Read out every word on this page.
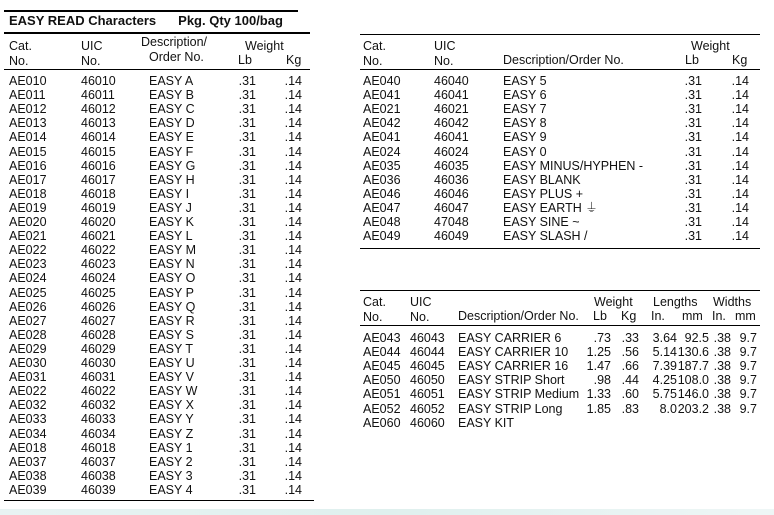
EASY READ Characters Pkg. Qty 100/bag
Cat.
No.
UIC
No.
Description/
Order No.
Weight
Lb	Kg
AE010	46010	EASY A	.31	.14
AE011	46011	EASY B	.31	.14
AE012	46012	EASY C	.31	.14
AE013	46013	EASY D	.31	.14
AE014	46014	EASY E	.31	.14
AE015	46015	EASY F	.31	.14
AE016	46016	EASY G	.31	.14
AE017	46017	EASY H	.31	.14
AE018	46018	EASY I	.31	.14
AE019	46019	EASY J	.31	.14
AE020	46020	EASY K	.31	.14
AE021	46021	EASY L	.31	.14
AE022	46022	EASY M	.31	.14
AE023	46023	EASY N	.31	.14
AE024	46024	EASY O	.31	.14
AE025	46025	EASY P	.31	.14
AE026	46026	EASY Q	.31	.14
AE027	46027	EASY R	.31	.14
AE028	46028	EASY S	.31	.14
AE029	46029	EASY T	.31	.14
AE030	46030	EASY U	.31	.14
AE031	46031	EASY V	.31	.14
AE022	46022	EASY W	.31	.14
AE032	46032	EASY X	.31	.14
AE033	46033	EASY Y	.31	.14
AE034	46034	EASY Z	.31	.14
AE018	46018	EASY 1	.31	.14
AE037	46037	EASY 2	.31	.14
AE038	46038	EASY 3	.31	.14
AE039	46039	EASY 4	.31	.14
Cat.
No.
UIC
No.	Description/Order No.
Weight
Lb	Kg
AE040	46040	EASY 5	.31	.14
AE041	46041	EASY 6	.31	.14
AE021	46021	EASY 7	.31	.14
AE042	46042	EASY 8	.31	.14
AE041	46041	EASY 9	.31	.14
AE024	46024	EASY 0	.31	.14
AE035	46035	EASY MINUS/HYPHEN -	.31	.14
AE036	46036	EASY BLANK	.31	.14
AE046	46046	EASY PLUS +	.31	.14
AE047	46047	EASY EARTH ⏚	.31	.14
AE048	47048	EASY SINE ~	.31	.14
AE049	46049	EASY SLASH /	.31	.14
Cat.
No.
UIC
No. Description/Order No.
Weight
Lb Kg
Lengths
In. mm
Widths
In. mm
AE043 46043 EASY CARRIER 6	.73 .33	3.64 92.5 .38 9.7
AE044 46044 EASY CARRIER 10	1.25 .56	5.14 130.6 .38 9.7
AE045 46045 EASY CARRIER 16	1.47 .66	7.39 187.7 .38 9.7
AE050 46050 EASY STRIP Short	.98 .44	4.25 108.0 .38 9.7
AE051 46051 EASY STRIP Medium 1.33 .60	5.75 146.0 .38 9.7
AE052 46052 EASY STRIP Long	1.85 .83	8.0 203.2 .38 9.7
AE060 46060 EASY KIT
